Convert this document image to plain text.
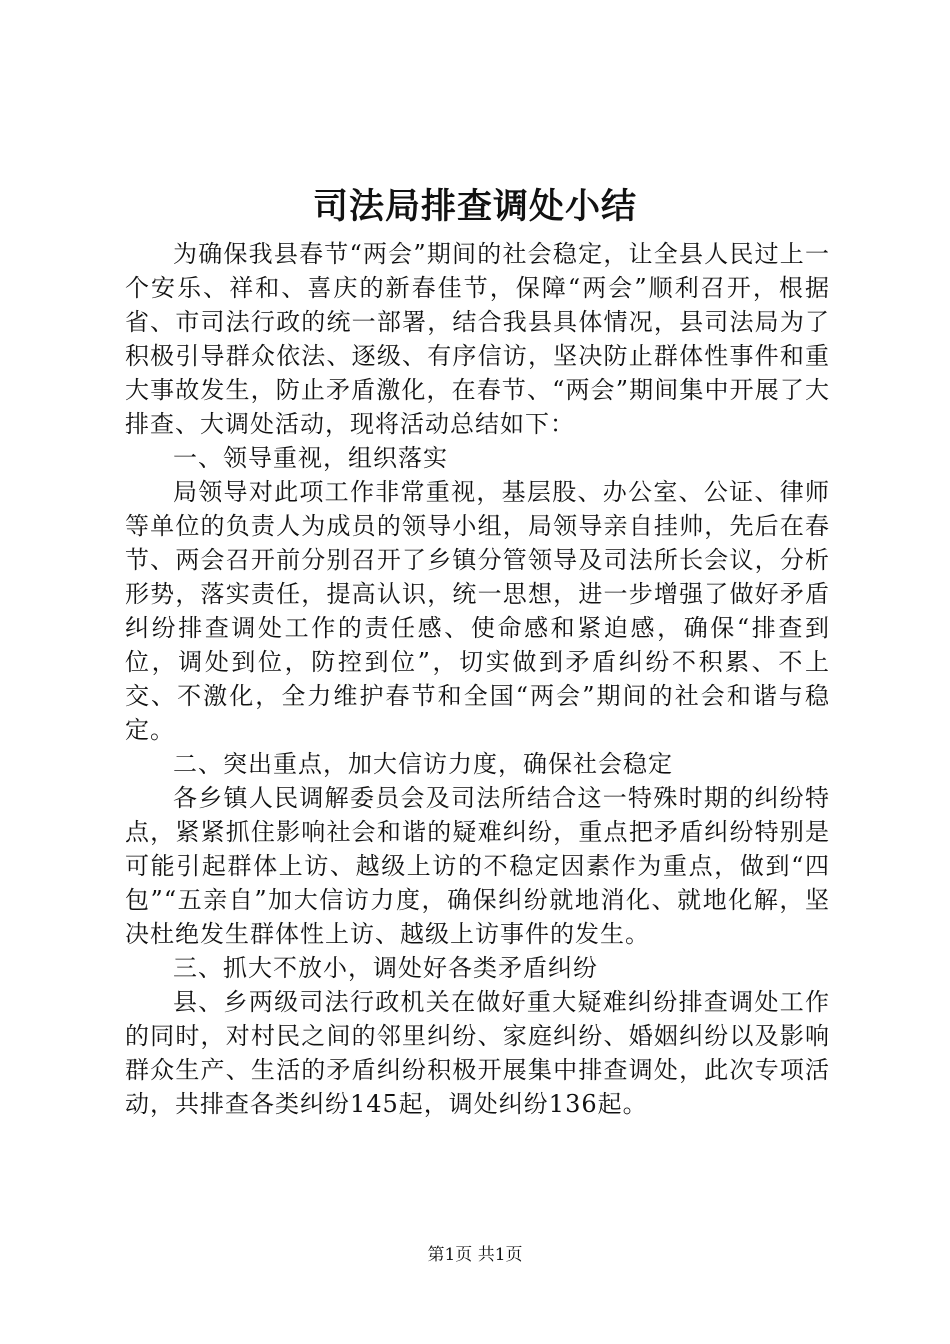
司法局排查调处小结

为确保我县春节“两会”期间的社会稳定，让全县人民过上一个安乐、祥和、喜庆的新春佳节，保障“两会”顺利召开，根据省、市司法行政的统一部署，结合我县具体情况，县司法局为了积极引导群众依法、逐级、有序信访，坚决防止群体性事件和重大事故发生，防止矛盾激化，在春节、“两会”期间集中开展了大排查、大调处活动，现将活动总结如下：

一、领导重视，组织落实

局领导对此项工作非常重视，基层股、办公室、公证、律师等单位的负责人为成员的领导小组，局领导亲自挂帅，先后在春节、两会召开前分别召开了乡镇分管领导及司法所长会议，分析形势，落实责任，提高认识，统一思想，进一步增强了做好矛盾纠纷排查调处工作的责任感、使命感和紧迫感，确保“排查到位，调处到位，防控到位”，切实做到矛盾纠纷不积累、不上交、不激化，全力维护春节和全国“两会”期间的社会和谐与稳定。

二、突出重点，加大信访力度，确保社会稳定

各乡镇人民调解委员会及司法所结合这一特殊时期的纠纷特点，紧紧抓住影响社会和谐的疑难纠纷，重点把矛盾纠纷特别是可能引起群体上访、越级上访的不稳定因素作为重点，做到“四包”“五亲自”加大信访力度，确保纠纷就地消化、就地化解，坚决杜绝发生群体性上访、越级上访事件的发生。

三、抓大不放小，调处好各类矛盾纠纷

县、乡两级司法行政机关在做好重大疑难纠纷排查调处工作的同时，对村民之间的邻里纠纷、家庭纠纷、婚姻纠纷以及影响群众生产、生活的矛盾纠纷积极开展集中排查调处，此次专项活动，共排查各类纠纷145起，调处纠纷136起。

第1页 共1页
